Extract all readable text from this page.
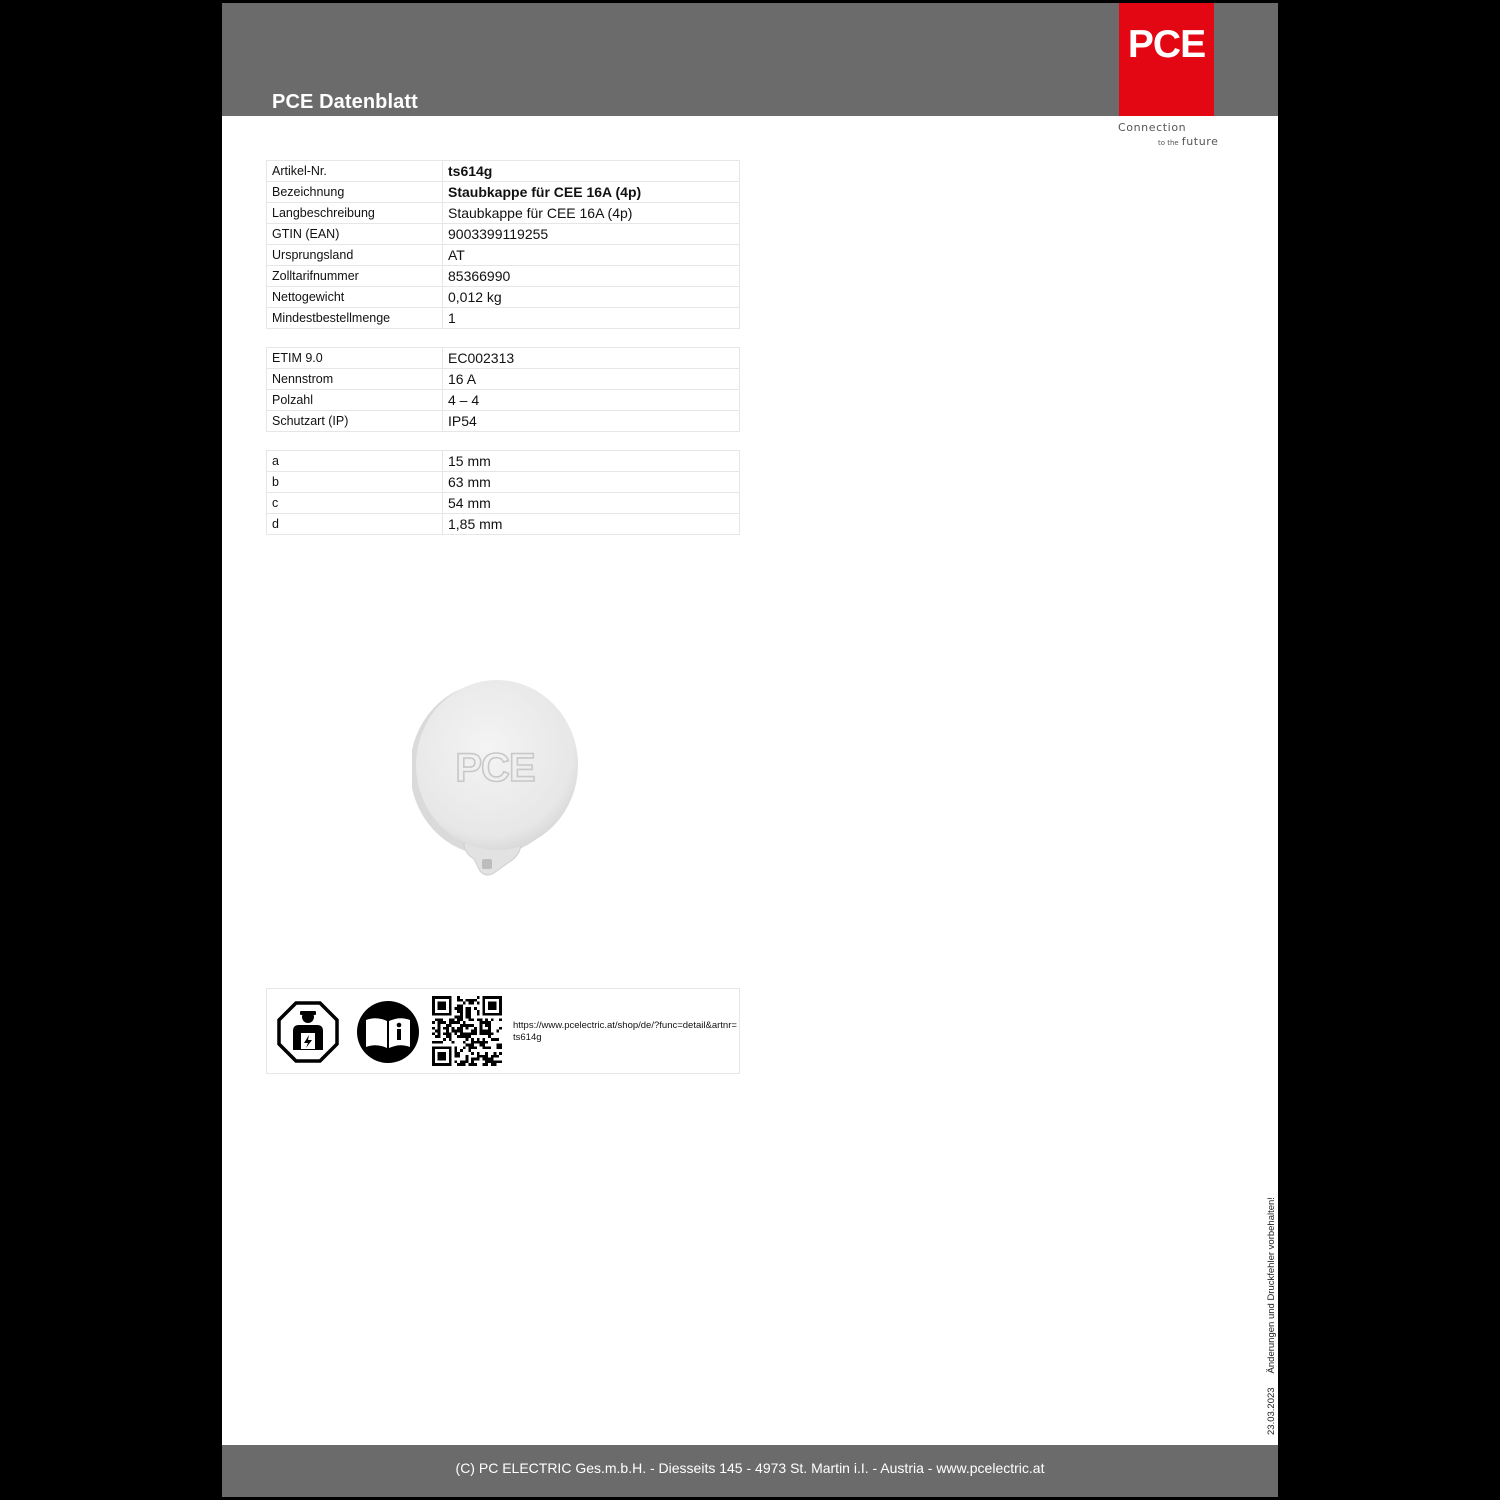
PCE Datenblatt
PCE
Connection
to the future
Artikel-Nr.	ts614g
Bezeichnung	Staubkappe für CEE 16A (4p)
Langbeschreibung	Staubkappe für CEE 16A (4p)
GTIN (EAN)	9003399119255
Ursprungsland	AT
Zolltarifnummer	85366990
Nettogewicht	0,012 kg
Mindestbestellmenge	1
ETIM 9.0	EC002313
Nennstrom	16 A
Polzahl	4 – 4
Schutzart (IP)	IP54
a	15 mm
b	63 mm
c	54 mm
d	1,85 mm
PCE
https://www.pcelectric.at/shop/de/?func=detail&artnr=ts614g
23.03.2023Änderungen und Druckfehler vorbehalten!
(C) PC ELECTRIC Ges.m.b.H. - Diesseits 145 - 4973 St. Martin i.I. - Austria - www.pcelectric.at
